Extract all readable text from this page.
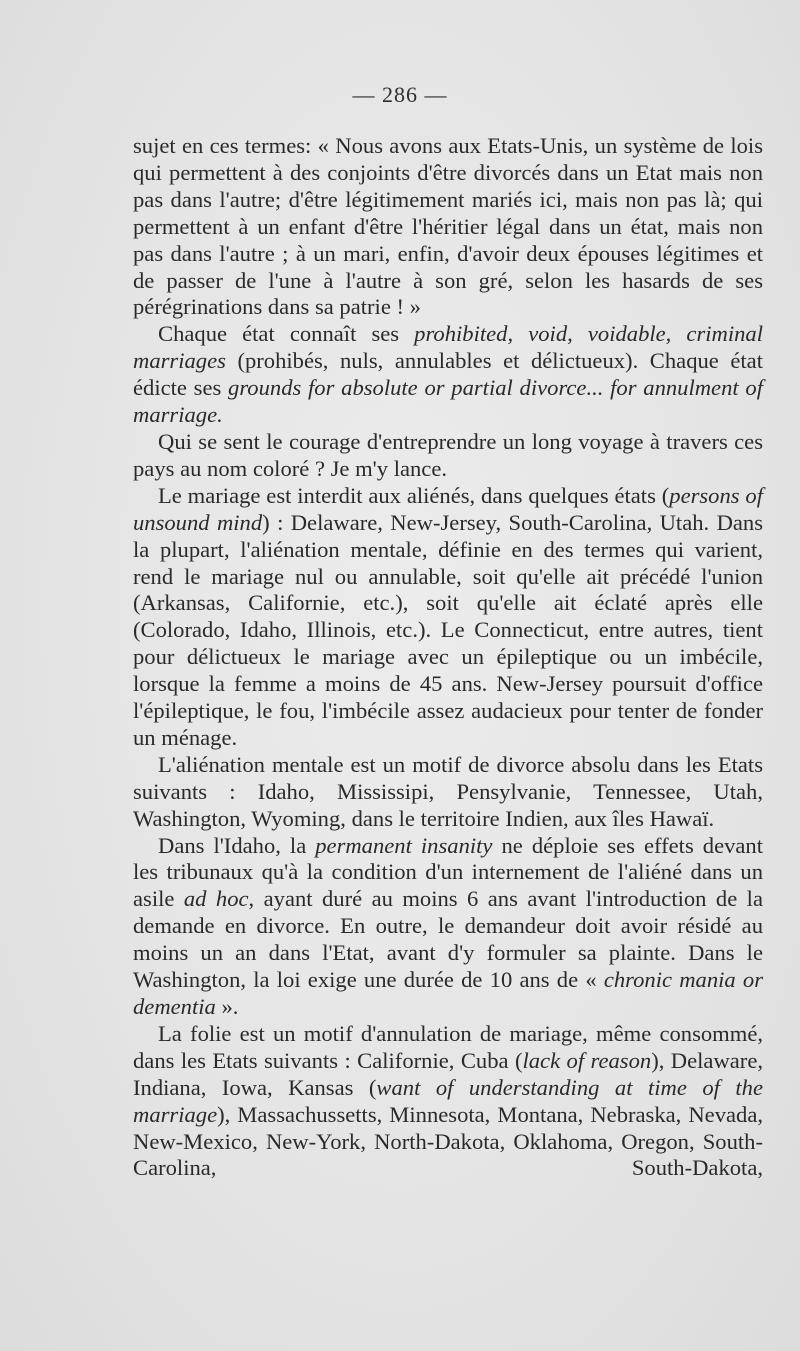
— 286 —

sujet en ces termes: « Nous avons aux Etats-Unis, un système de lois qui permettent à des conjoints d'être divorcés dans un Etat mais non pas dans l'autre; d'être légitimement mariés ici, mais non pas là; qui permettent à un enfant d'être l'héritier légal dans un état, mais non pas dans l'autre ; à un mari, enfin, d'avoir deux épouses légitimes et de passer de l'une à l'autre à son gré, selon les hasards de ses pérégrinations dans sa patrie ! »

Chaque état connaît ses prohibited, void, voidable, criminal marriages (prohibés, nuls, annulables et délictueux). Chaque état édicte ses grounds for absolute or partial divorce... for annulment of marriage.

Qui se sent le courage d'entreprendre un long voyage à travers ces pays au nom coloré ? Je m'y lance.

Le mariage est interdit aux aliénés, dans quelques états (persons of unsound mind) : Delaware, New-Jersey, South-Carolina, Utah. Dans la plupart, l'aliénation mentale, définie en des termes qui varient, rend le mariage nul ou annulable, soit qu'elle ait précédé l'union (Arkansas, Californie, etc.), soit qu'elle ait éclaté après elle (Colorado, Idaho, Illinois, etc.). Le Connecticut, entre autres, tient pour délictueux le mariage avec un épileptique ou un imbécile, lorsque la femme a moins de 45 ans. New-Jersey poursuit d'office l'épileptique, le fou, l'imbécile assez audacieux pour tenter de fonder un ménage.

L'aliénation mentale est un motif de divorce absolu dans les Etats suivants : Idaho, Mississipi, Pensylvanie, Tennessee, Utah, Washington, Wyoming, dans le territoire Indien, aux îles Hawaï.

Dans l'Idaho, la permanent insanity ne déploie ses effets devant les tribunaux qu'à la condition d'un internement de l'aliéné dans un asile ad hoc, ayant duré au moins 6 ans avant l'introduction de la demande en divorce. En outre, le demandeur doit avoir résidé au moins un an dans l'Etat, avant d'y formuler sa plainte. Dans le Washington, la loi exige une durée de 10 ans de « chronic mania or dementia ».

La folie est un motif d'annulation de mariage, même consommé, dans les Etats suivants : Californie, Cuba (lack of reason), Delaware, Indiana, Iowa, Kansas (want of understanding at time of the marriage), Massachussetts, Minnesota, Montana, Nebraska, Nevada, New-Mexico, New-York, North-Dakota, Oklahoma, Oregon, South-Carolina, South-Dakota,
